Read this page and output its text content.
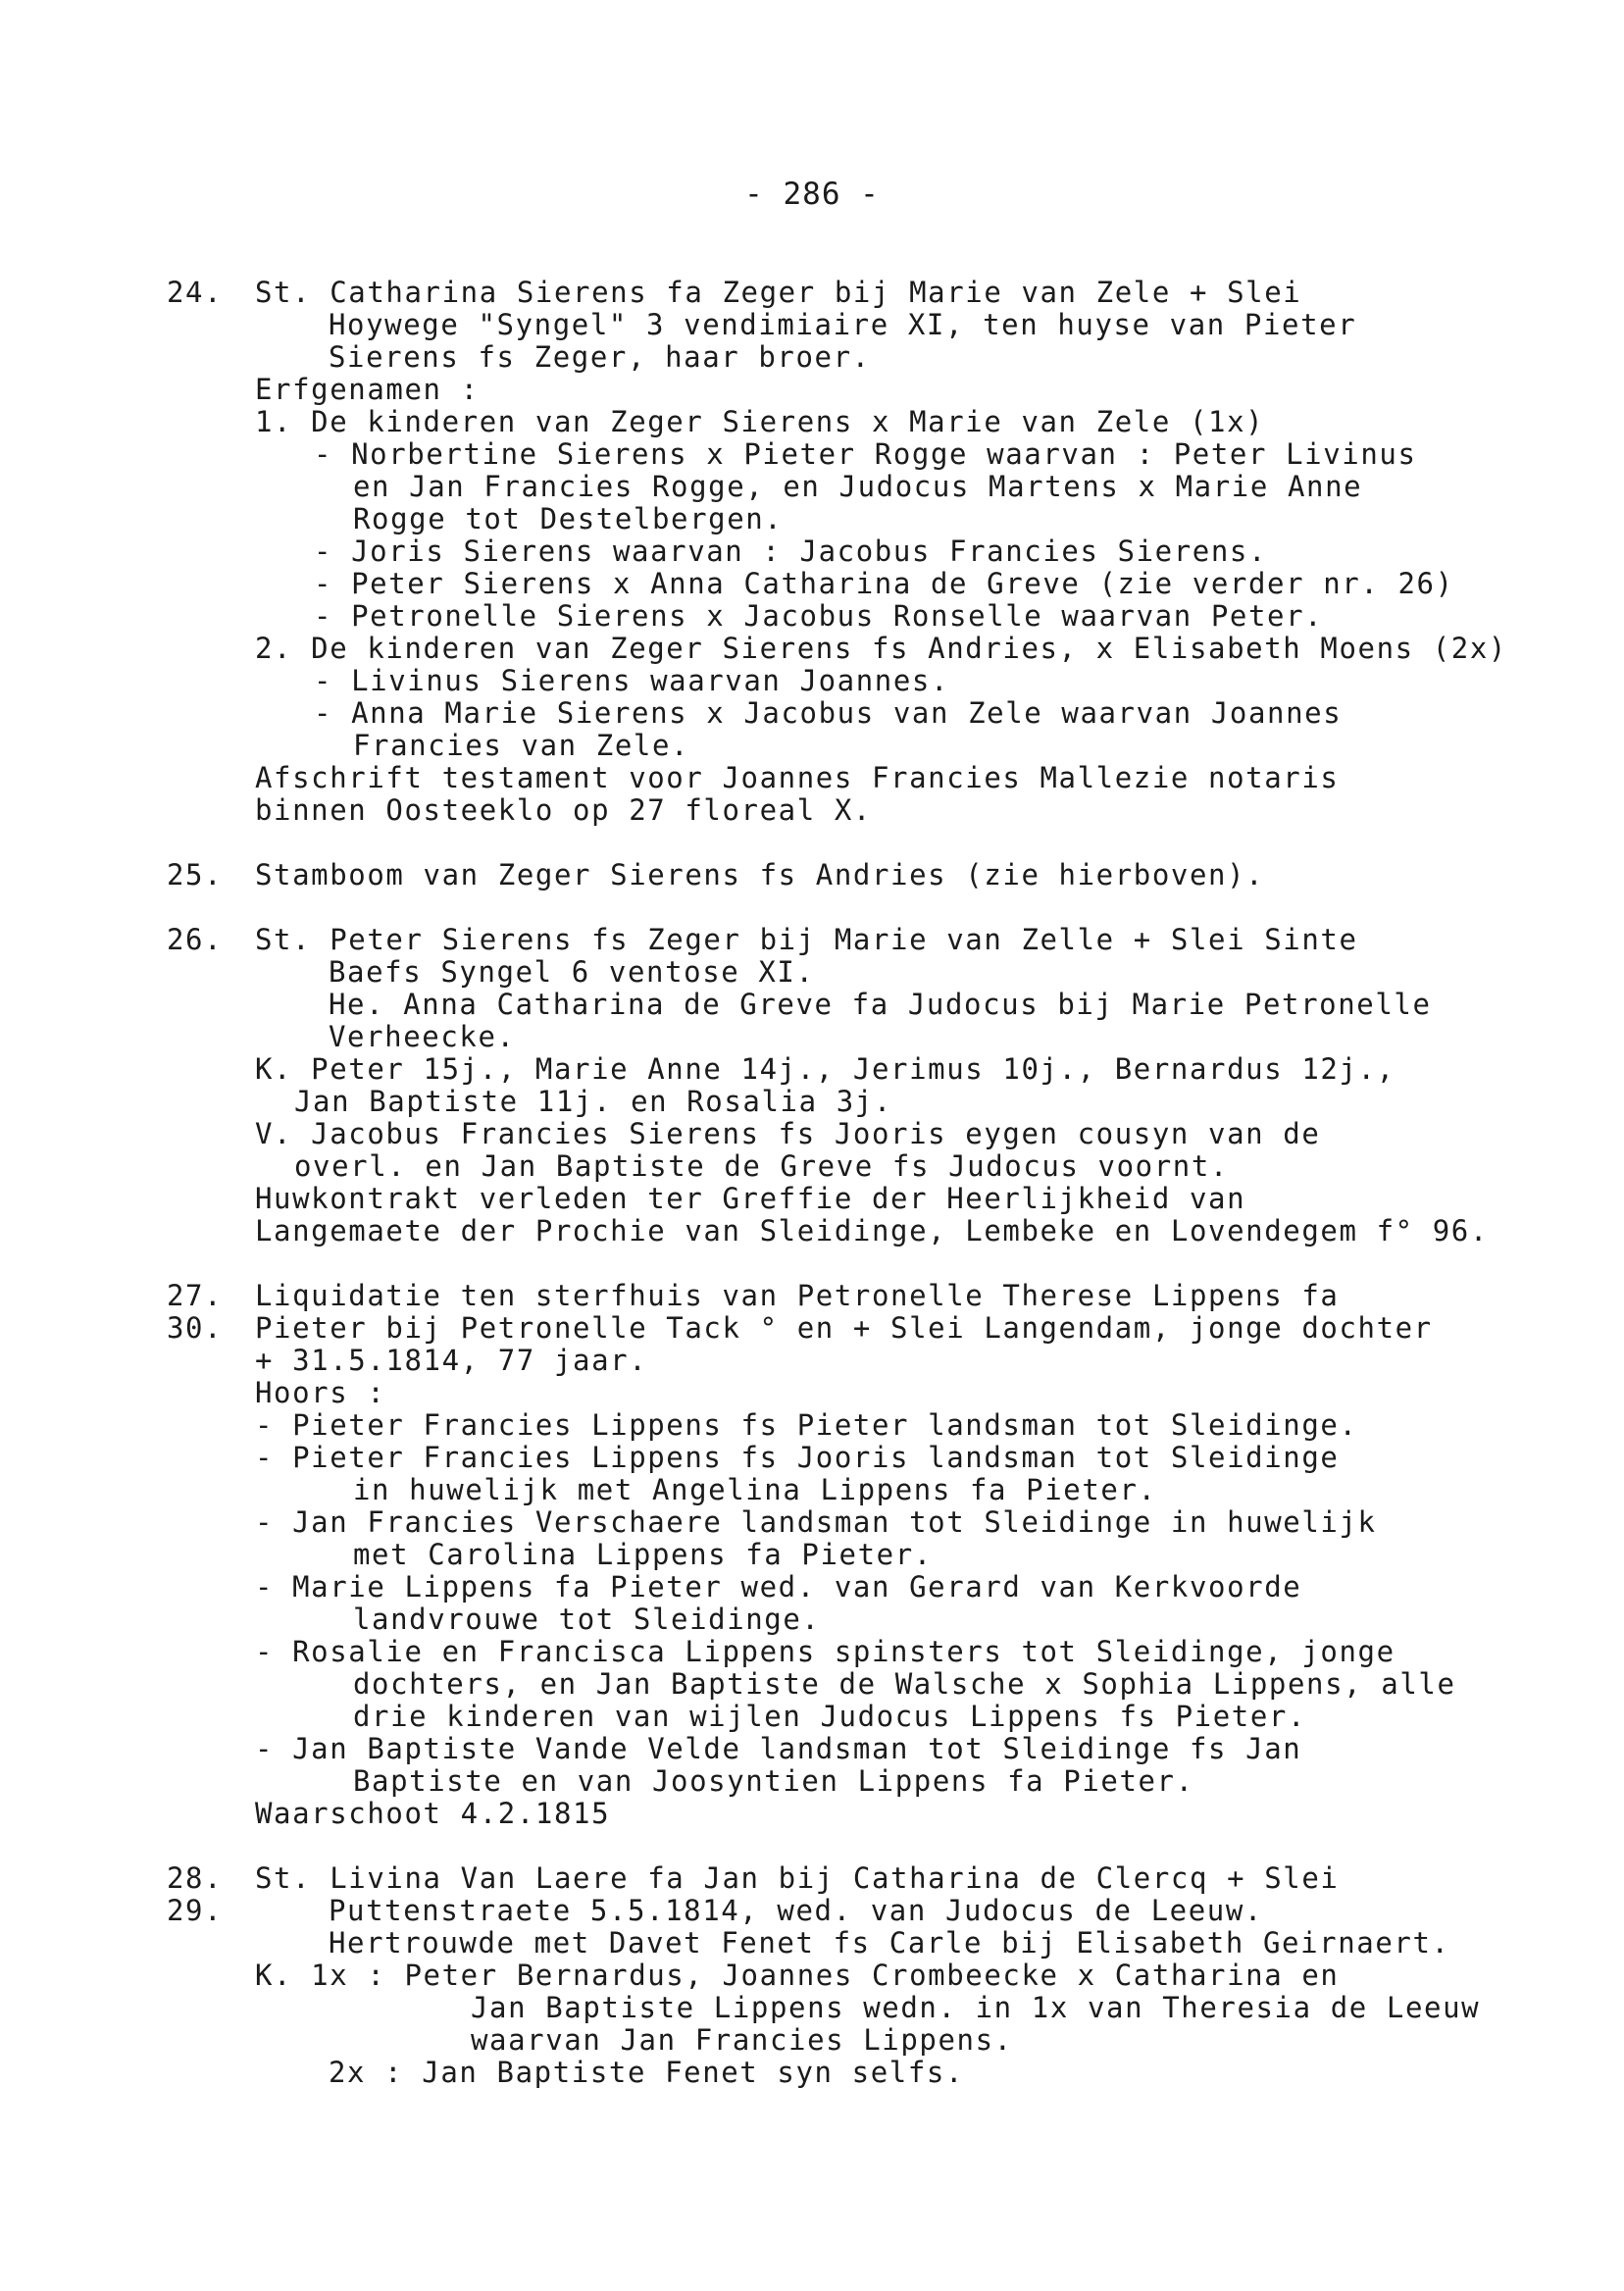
- 286 -
24.	St. Catharina Sierens fa Zeger bij Marie van Zele + Slei
Hoywege "Syngel" 3 vendimiaire XI, ten huyse van Pieter
Sierens fs Zeger, haar broer.
Erfgenamen :
1. De kinderen van Zeger Sierens x Marie van Zele (1x)
- Norbertine Sierens x Pieter Rogge waarvan : Peter Livinus
en Jan Francies Rogge, en Judocus Martens x Marie Anne
Rogge tot Destelbergen.
- Joris Sierens waarvan : Jacobus Francies Sierens.
- Peter Sierens x Anna Catharina de Greve (zie verder nr. 26)
- Petronelle Sierens x Jacobus Ronselle waarvan Peter.
2. De kinderen van Zeger Sierens fs Andries, x Elisabeth Moens (2x)
- Livinus Sierens waarvan Joannes.
- Anna Marie Sierens x Jacobus van Zele waarvan Joannes
Francies van Zele.
Afschrift testament voor Joannes Francies Mallezie notaris
binnen Oosteeklo op 27 floreal X.
25.	Stamboom van Zeger Sierens fs Andries (zie hierboven).
26.	St. Peter Sierens fs Zeger bij Marie van Zelle + Slei Sinte
Baefs Syngel 6 ventose XI.
He. Anna Catharina de Greve fa Judocus bij Marie Petronelle
Verheecke.
K. Peter 15j., Marie Anne 14j., Jerimus 10j., Bernardus 12j.,
Jan Baptiste 11j. en Rosalia 3j.
V. Jacobus Francies Sierens fs Jooris eygen cousyn van de
overl. en Jan Baptiste de Greve fs Judocus voornt.
Huwkontrakt verleden ter Greffie der Heerlijkheid van
Langemaete der Prochie van Sleidinge, Lembeke en Lovendegem f° 96.
27.
30.
Liquidatie ten sterfhuis van Petronelle Therese Lippens fa
Pieter bij Petronelle Tack ° en + Slei Langendam, jonge dochter
+ 31.5.1814, 77 jaar.
Hoors :
- Pieter Francies Lippens fs Pieter landsman tot Sleidinge.
- Pieter Francies Lippens fs Jooris landsman tot Sleidinge
in huwelijk met Angelina Lippens fa Pieter.
- Jan Francies Verschaere landsman tot Sleidinge in huwelijk
met Carolina Lippens fa Pieter.
- Marie Lippens fa Pieter wed. van Gerard van Kerkvoorde
landvrouwe tot Sleidinge.
- Rosalie en Francisca Lippens spinsters tot Sleidinge, jonge
dochters, en Jan Baptiste de Walsche x Sophia Lippens, alle
drie kinderen van wijlen Judocus Lippens fs Pieter.
- Jan Baptiste Vande Velde landsman tot Sleidinge fs Jan
Baptiste en van Joosyntien Lippens fa Pieter.
Waarschoot 4.2.1815
28.
29.
St. Livina Van Laere fa Jan bij Catharina de Clercq + Slei
Puttenstraete 5.5.1814, wed. van Judocus de Leeuw.
Hertrouwde met Davet Fenet fs Carle bij Elisabeth Geirnaert.
K. 1x : Peter Bernardus, Joannes Crombeecke x Catharina en
Jan Baptiste Lippens wedn. in 1x van Theresia de Leeuw
waarvan Jan Francies Lippens.
2x : Jan Baptiste Fenet syn selfs.
